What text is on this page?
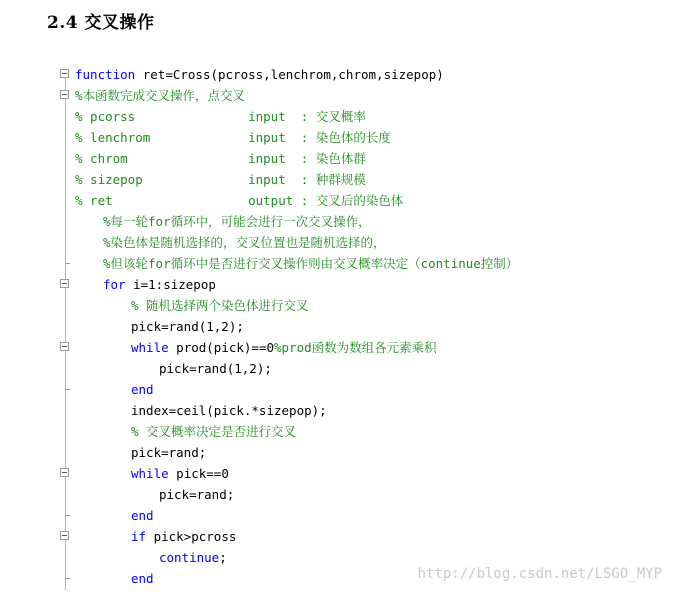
2.4 交叉操作
function ret=Cross(pcross,lenchrom,chrom,sizepop)
%本函数完成交叉操作，点交叉
% pcorss               input  : 交叉概率
% lenchrom             input  : 染色体的长度
% chrom                input  : 染色体群
% sizepop              input  : 种群规模
% ret                  output : 交叉后的染色体
%每一轮for循环中，可能会进行一次交叉操作，
%染色体是随机选择的，交叉位置也是随机选择的，
%但该轮for循环中是否进行交叉操作则由交叉概率决定（continue控制）
for i=1:sizepop
% 随机选择两个染色体进行交叉
pick=rand(1,2);
while prod(pick)==0%prod函数为数组各元素乘积
pick=rand(1,2);
end
index=ceil(pick.*sizepop);
% 交叉概率决定是否进行交叉
pick=rand;
while pick==0
pick=rand;
end
if pick>pcross
continue;
end	http://blog.csdn.net/LSGO_MYP
